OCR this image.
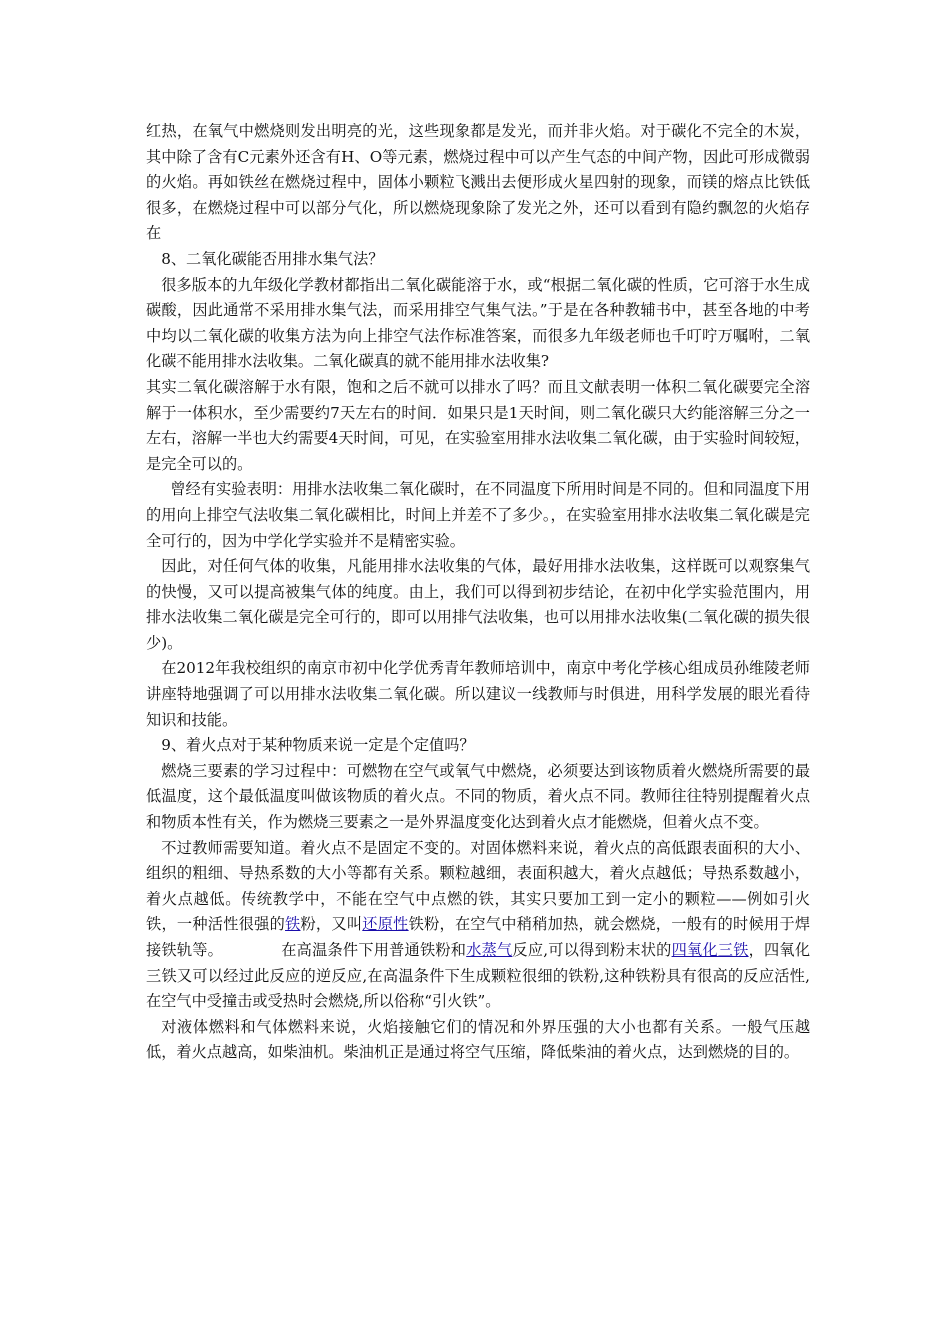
红热，在氧气中燃烧则发出明亮的光，这些现象都是发光，而并非火焰。对于碳化不完全的木炭，其中除了含有C元素外还含有H、O等元素，燃烧过程中可以产生气态的中间产物，因此可形成微弱的火焰。再如铁丝在燃烧过程中，固体小颗粒飞溅出去便形成火星四射的现象，而镁的熔点比铁低很多，在燃烧过程中可以部分气化，所以燃烧现象除了发光之外，还可以看到有隐约飘忽的火焰存在

8、二氧化碳能否用排水集气法？

很多版本的九年级化学教材都指出二氧化碳能溶于水，或“根据二氧化碳的性质，它可溶于水生成碳酸，因此通常不采用排水集气法，而采用排空气集气法。”于是在各种教辅书中，甚至各地的中考中均以二氧化碳的收集方法为向上排空气法作标准答案，而很多九年级老师也千叮咛万嘱咐，二氧化碳不能用排水法收集。二氧化碳真的就不能用排水法收集?

其实二氧化碳溶解于水有限，饱和之后不就可以排水了吗？而且文献表明一体积二氧化碳要完全溶解于一体积水，至少需要约7天左右的时间．如果只是1天时间，则二氧化碳只大约能溶解三分之一左右，溶解一半也大约需要4天时间，可见，在实验室用排水法收集二氧化碳，由于实验时间较短，是完全可以的。

曾经有实验表明：用排水法收集二氧化碳时，在不同温度下所用时间是不同的。但和同温度下用的用向上排空气法收集二氧化碳相比，时间上并差不了多少。，在实验室用排水法收集二氧化碳是完全可行的，因为中学化学实验并不是精密实验。

因此，对任何气体的收集，凡能用排水法收集的气体，最好用排水法收集，这样既可以观察集气的快慢，又可以提高被集气体的纯度。由上，我们可以得到初步结论，在初中化学实验范围内，用排水法收集二氧化碳是完全可行的，即可以用排气法收集，也可以用排水法收集(二氧化碳的损失很少)。

在2012年我校组织的南京市初中化学优秀青年教师培训中，南京中考化学核心组成员孙维陵老师讲座特地强调了可以用排水法收集二氧化碳。所以建议一线教师与时俱进，用科学发展的眼光看待知识和技能。

9、着火点对于某种物质来说一定是个定值吗？

燃烧三要素的学习过程中：可燃物在空气或氧气中燃烧，必须要达到该物质着火燃烧所需要的最低温度，这个最低温度叫做该物质的着火点。不同的物质，着火点不同。教师往往特别提醒着火点和物质本性有关，作为燃烧三要素之一是外界温度变化达到着火点才能燃烧，但着火点不变。

不过教师需要知道。着火点不是固定不变的。对固体燃料来说，着火点的高低跟表面积的大小、组织的粗细、导热系数的大小等都有关系。颗粒越细，表面积越大，着火点越低；导热系数越小，着火点越低。传统教学中，不能在空气中点燃的铁，其实只要加工到一定小的颗粒——例如引火铁，一种活性很强的铁粉，又叫还原性铁粉，在空气中稍稍加热，就会燃烧，一般有的时候用于焊接铁轨等。	在高温条件下用普通铁粉和水蒸气反应,可以得到粉末状的四氧化三铁，四氧化三铁又可以经过此反应的逆反应,在高温条件下生成颗粒很细的铁粉,这种铁粉具有很高的反应活性,在空气中受撞击或受热时会燃烧,所以俗称“引火铁”。

对液体燃料和气体燃料来说，火焰接触它们的情况和外界压强的大小也都有关系。一般气压越低，着火点越高，如柴油机。柴油机正是通过将空气压缩，降低柴油的着火点，达到燃烧的目的。
